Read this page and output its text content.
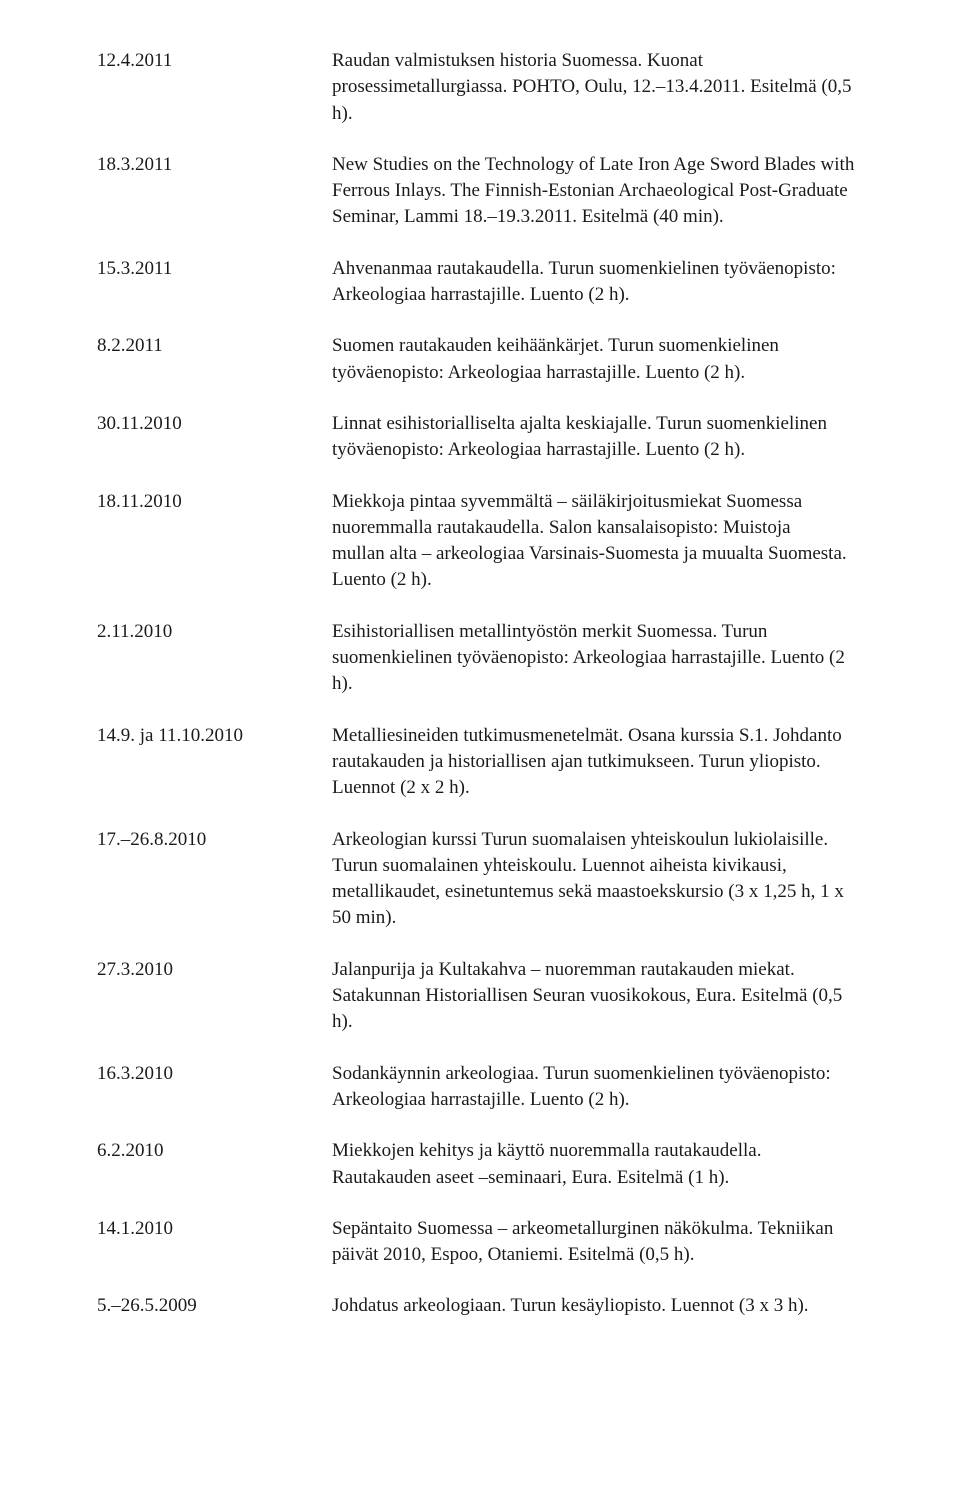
12.4.2011	Raudan valmistuksen historia Suomessa. Kuonat
prosessimetallurgiassa. POHTO, Oulu, 12.–13.4.2011. Esitelmä (0,5
h).
18.3.2011	New Studies on the Technology of Late Iron Age Sword Blades with
Ferrous Inlays. The Finnish-Estonian Archaeological Post-Graduate
Seminar, Lammi 18.–19.3.2011. Esitelmä (40 min).
15.3.2011	Ahvenanmaa rautakaudella. Turun suomenkielinen työväenopisto:
Arkeologiaa harrastajille. Luento (2 h).
8.2.2011	Suomen rautakauden keihäänkärjet. Turun suomenkielinen
työväenopisto: Arkeologiaa harrastajille. Luento (2 h).
30.11.2010	Linnat esihistorialliselta ajalta keskiajalle. Turun suomenkielinen
työväenopisto: Arkeologiaa harrastajille. Luento (2 h).
18.11.2010	Miekkoja pintaa syvemmältä – säiläkirjoitusmiekat Suomessa
nuoremmalla rautakaudella. Salon kansalaisopisto: Muistoja
mullan alta – arkeologiaa Varsinais-Suomesta ja muualta Suomesta.
Luento (2 h).
2.11.2010	Esihistoriallisen metallintyöstön merkit Suomessa. Turun
suomenkielinen työväenopisto: Arkeologiaa harrastajille. Luento (2
h).
14.9. ja 11.10.2010	Metalliesineiden tutkimusmenetelmät. Osana kurssia S.1. Johdanto
rautakauden ja historiallisen ajan tutkimukseen. Turun yliopisto.
Luennot (2 x 2 h).
17.–26.8.2010	Arkeologian kurssi Turun suomalaisen yhteiskoulun lukiolaisille.
Turun suomalainen yhteiskoulu. Luennot aiheista kivikausi,
metallikaudet, esinetuntemus sekä maastoekskursio (3 x 1,25 h, 1 x
50 min).
27.3.2010	Jalanpurija ja Kultakahva – nuoremman rautakauden miekat.
Satakunnan Historiallisen Seuran vuosikokous, Eura. Esitelmä (0,5
h).
16.3.2010	Sodankäynnin arkeologiaa. Turun suomenkielinen työväenopisto:
Arkeologiaa harrastajille. Luento (2 h).
6.2.2010	Miekkojen kehitys ja käyttö nuoremmalla rautakaudella.
Rautakauden aseet –seminaari, Eura. Esitelmä (1 h).
14.1.2010	Sepäntaito Suomessa – arkeometallurginen näkökulma. Tekniikan
päivät 2010, Espoo, Otaniemi. Esitelmä (0,5 h).
5.–26.5.2009	Johdatus arkeologiaan. Turun kesäyliopisto. Luennot (3 x 3 h).
